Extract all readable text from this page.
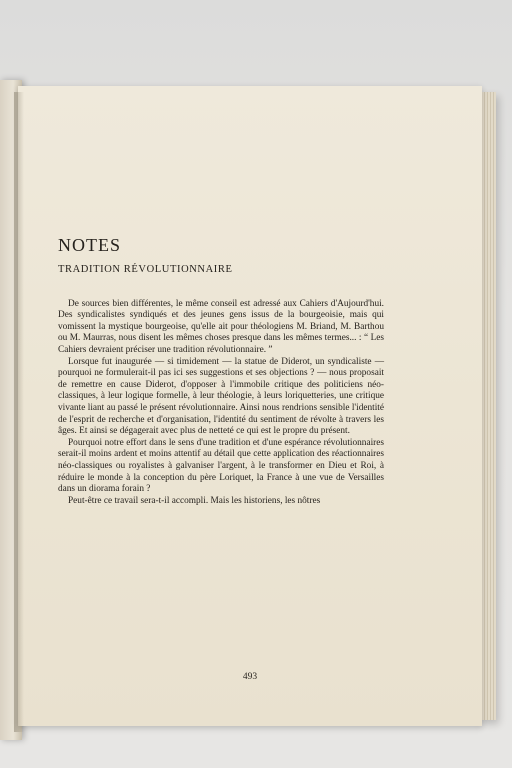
NOTES
TRADITION RÉVOLUTIONNAIRE

De sources bien différentes, le même conseil est adressé aux Cahiers d'Aujourd'hui. Des syndicalistes syndiqués et des jeunes gens issus de la bourgeoisie, mais qui vomissent la mystique bourgeoise, qu'elle ait pour théologiens M. Briand, M. Barthou ou M. Maurras, nous disent les mêmes choses presque dans les mêmes termes... : “ Les Cahiers devraient préciser une tradition révolutionnaire. ”

Lorsque fut inaugurée — si timidement — la statue de Diderot, un syndicaliste — pourquoi ne formulerait-il pas ici ses suggestions et ses objections ? — nous proposait de remettre en cause Diderot, d'opposer à l'immobile critique des politiciens néo-classiques, à leur logique formelle, à leur théologie, à leurs loriquetteries, une critique vivante liant au passé le présent révolutionnaire. Ainsi nous rendrions sensible l'identité de l'esprit de recherche et d'organisation, l'identité du sentiment de révolte à travers les âges. Et ainsi se dégagerait avec plus de netteté ce qui est le propre du présent.

Pourquoi notre effort dans le sens d'une tradition et d'une espérance révolutionnaires serait-il moins ardent et moins attentif au détail que cette application des réactionnaires néo-classiques ou royalistes à galvaniser l'argent, à le transformer en Dieu et Roi, à réduire le monde à la conception du père Loriquet, la France à une vue de Versailles dans un diorama forain ?

Peut-être ce travail sera-t-il accompli. Mais les historiens, les nôtres

493
